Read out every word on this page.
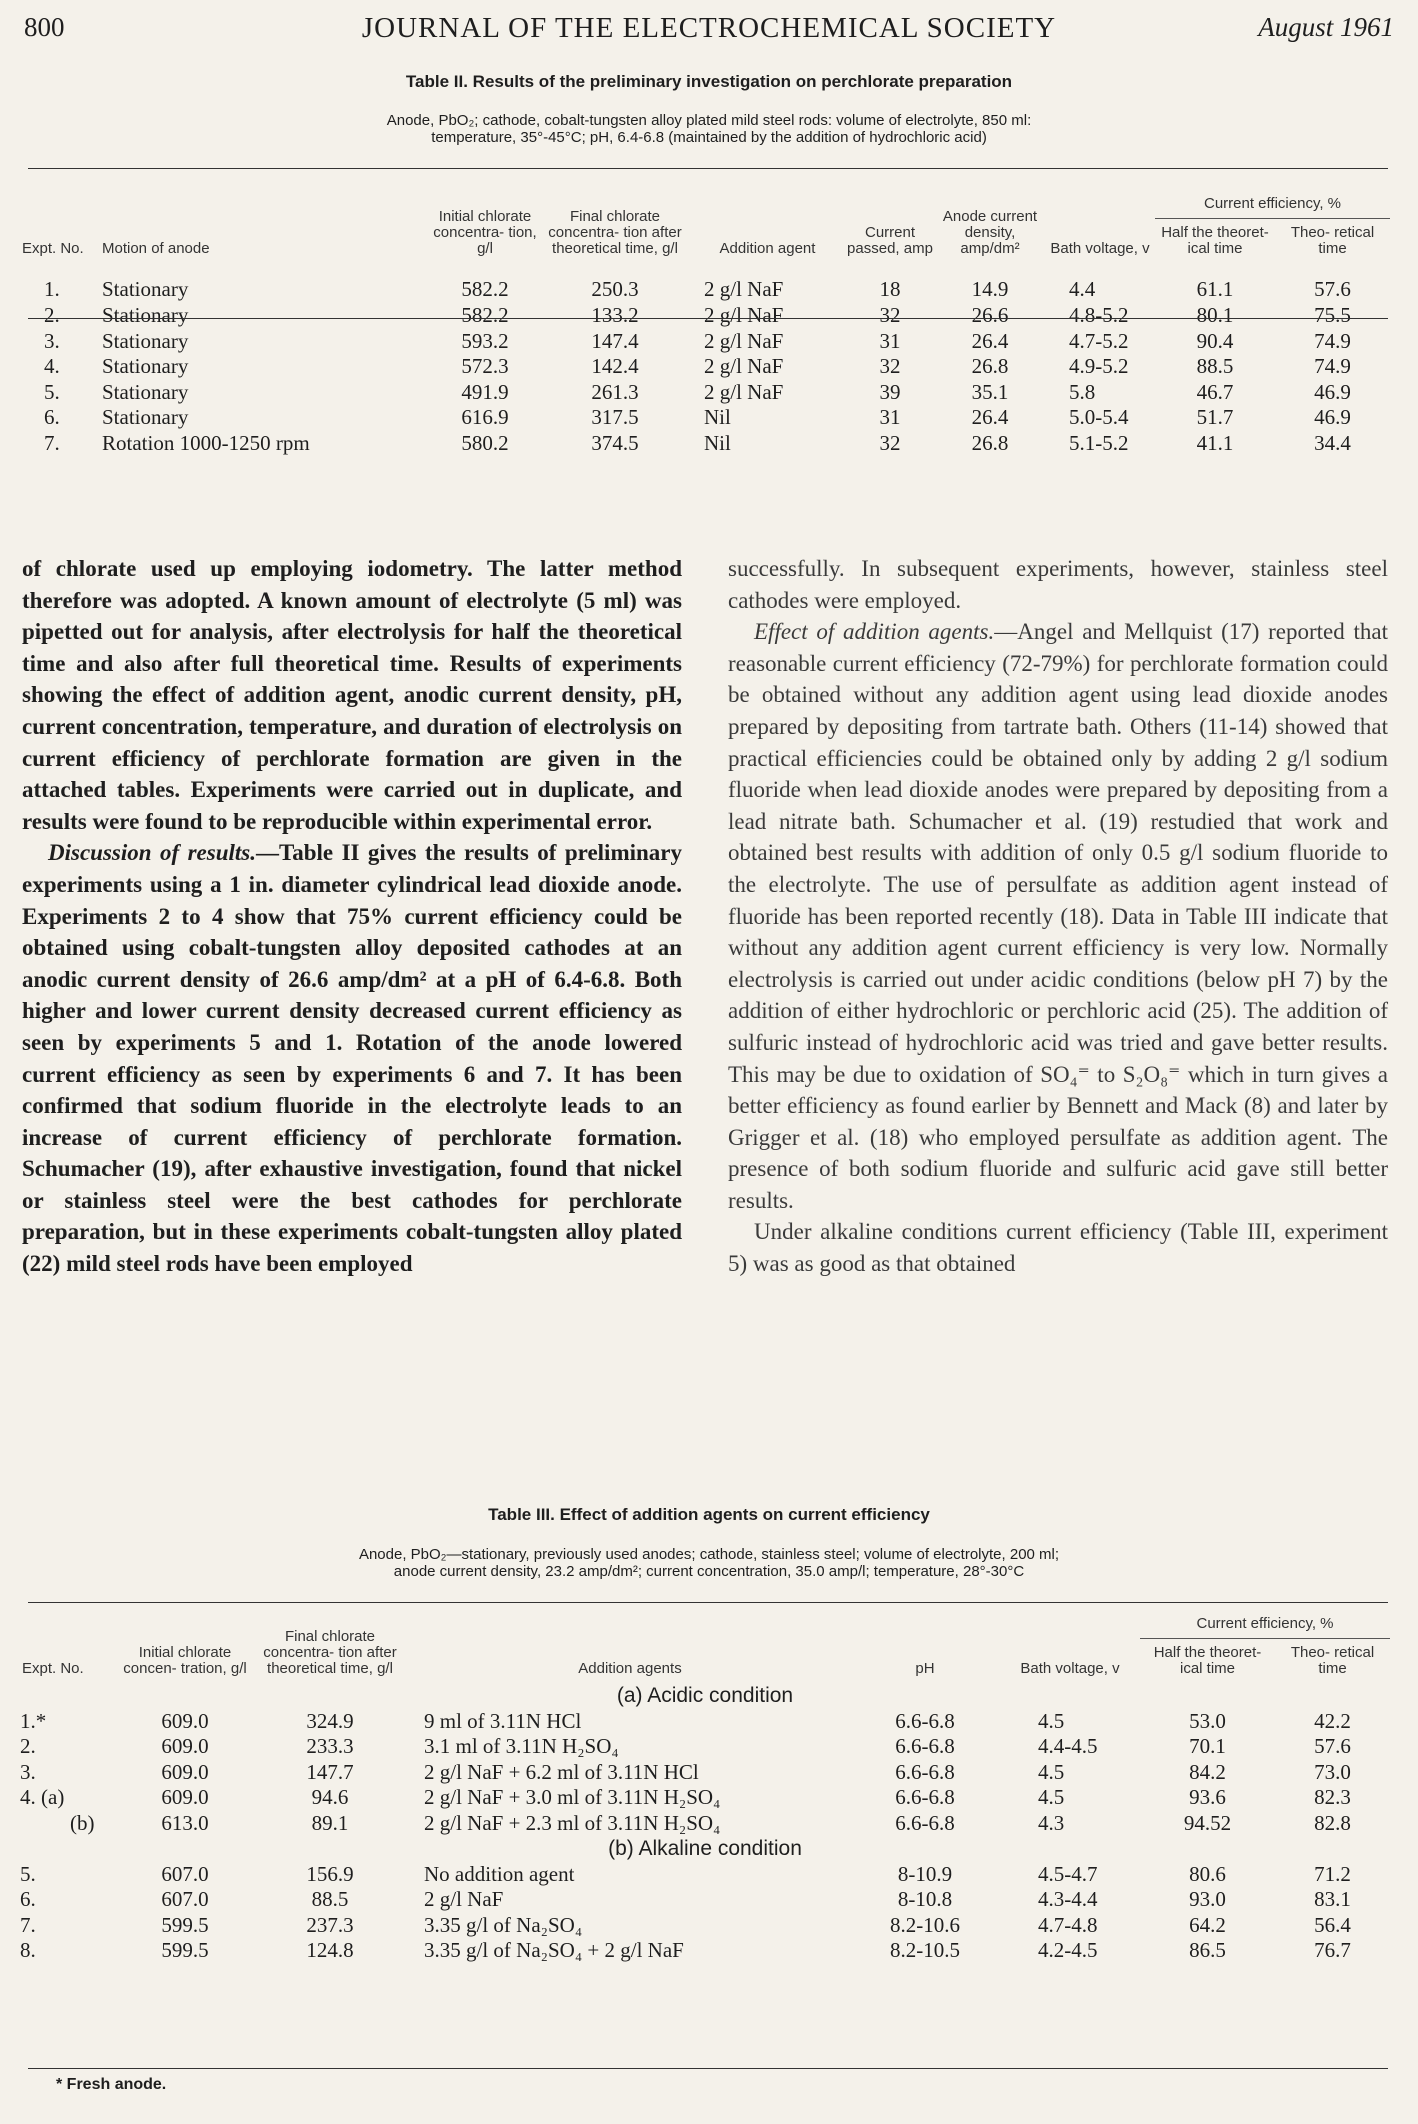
800	JOURNAL OF THE ELECTROCHEMICAL SOCIETY	August 1961
Table II. Results of the preliminary investigation on perchlorate preparation
Anode, PbO₂; cathode, cobalt-tungsten alloy plated mild steel rods: volume of electrolyte, 850 ml:
temperature, 35°-45°C; pH, 6.4-6.8 (maintained by the addition of hydrochloric acid)
Expt. No.	Motion of anode	Initial chlorate concentra- tion, g/l	Final chlorate concentra- tion after theoretical time, g/l	Addition agent	Current passed, amp	Anode current density, amp/dm²	Bath voltage, v	Current efficiency, %	
								Half the theoret- ical time	Theo- retical time
1.	Stationary	582.2	250.3	2 g/l NaF	18	14.9	4.4	61.1	57.6
2.	Stationary	582.2	133.2	2 g/l NaF	32	26.6	4.8-5.2	80.1	75.5
3.	Stationary	593.2	147.4	2 g/l NaF	31	26.4	4.7-5.2	90.4	74.9
4.	Stationary	572.3	142.4	2 g/l NaF	32	26.8	4.9-5.2	88.5	74.9
5.	Stationary	491.9	261.3	2 g/l NaF	39	35.1	5.8	46.7	46.9
6.	Stationary	616.9	317.5	Nil	31	26.4	5.0-5.4	51.7	46.9
7.	Rotation 1000-1250 rpm	580.2	374.5	Nil	32	26.8	5.1-5.2	41.1	34.4

of chlorate used up employing iodometry. The latter method therefore was adopted. A known amount of electrolyte (5 ml) was pipetted out for analysis, after electrolysis for half the theoretical time and also after full theoretical time. Results of experiments showing the effect of addition agent, anodic current density, pH, current concentration, temperature, and duration of electrolysis on current efficiency of perchlorate formation are given in the attached tables. Experiments were carried out in duplicate, and results were found to be reproducible within experimental error.

Discussion of results.—Table II gives the results of preliminary experiments using a 1 in. diameter cylindrical lead dioxide anode. Experiments 2 to 4 show that 75% current efficiency could be obtained using cobalt-tungsten alloy deposited cathodes at an anodic current density of 26.6 amp/dm² at a pH of 6.4-6.8. Both higher and lower current density decreased current efficiency as seen by experiments 5 and 1. Rotation of the anode lowered current efficiency as seen by experiments 6 and 7. It has been confirmed that sodium fluoride in the electrolyte leads to an increase of current efficiency of perchlorate formation. Schumacher (19), after exhaustive investigation, found that nickel or stainless steel were the best cathodes for perchlorate preparation, but in these experiments cobalt-tungsten alloy plated (22) mild steel rods have been employed

successfully. In subsequent experiments, however, stainless steel cathodes were employed.

Effect of addition agents.—Angel and Mellquist (17) reported that reasonable current efficiency (72-79%) for perchlorate formation could be obtained without any addition agent using lead dioxide anodes prepared by depositing from tartrate bath. Others (11-14) showed that practical efficiencies could be obtained only by adding 2 g/l sodium fluoride when lead dioxide anodes were prepared by depositing from a lead nitrate bath. Schumacher et al. (19) restudied that work and obtained best results with addition of only 0.5 g/l sodium fluoride to the electrolyte. The use of persulfate as addition agent instead of fluoride has been reported recently (18). Data in Table III indicate that without any addition agent current efficiency is very low. Normally electrolysis is carried out under acidic conditions (below pH 7) by the addition of either hydrochloric or perchloric acid (25). The addition of sulfuric instead of hydrochloric acid was tried and gave better results. This may be due to oxidation of SO₄⁼ to S₂O₈⁼ which in turn gives a better efficiency as found earlier by Bennett and Mack (8) and later by Grigger et al. (18) who employed persulfate as addition agent. The presence of both sodium fluoride and sulfuric acid gave still better results.

Under alkaline conditions current efficiency (Table III, experiment 5) was as good as that obtained

Table III. Effect of addition agents on current efficiency
Anode, PbO₂—stationary, previously used anodes; cathode, stainless steel; volume of electrolyte, 200 ml;
anode current density, 23.2 amp/dm²; current concentration, 35.0 amp/l; temperature, 28°-30°C
Expt. No.	Initial chlorate concen- tration, g/l	Final chlorate concentra- tion after theoretical time, g/l	Addition agents	pH	Bath voltage, v	Current efficiency, %	
						Half the theoret- ical time	Theo- retical time
(a) Acidic condition							
1.*	609.0	324.9	9 ml of 3.11N HCl	6.6-6.8	4.5	53.0	42.2
2.	609.0	233.3	3.1 ml of 3.11N H₂SO₄	6.6-6.8	4.4-4.5	70.1	57.6
3.	609.0	147.7	2 g/l NaF + 6.2 ml of 3.11N HCl	6.6-6.8	4.5	84.2	73.0
4. (a)	609.0	94.6	2 g/l NaF + 3.0 ml of 3.11N H₂SO₄	6.6-6.8	4.5	93.6	82.3
(b)	613.0	89.1	2 g/l NaF + 2.3 ml of 3.11N H₂SO₄	6.6-6.8	4.3	94.52	82.8
(b) Alkaline condition							
5.	607.0	156.9	No addition agent	8-10.9	4.5-4.7	80.6	71.2
6.	607.0	88.5	2 g/l NaF	8-10.8	4.3-4.4	93.0	83.1
7.	599.5	237.3	3.35 g/l of Na₂SO₄	8.2-10.6	4.7-4.8	64.2	56.4
8.	599.5	124.8	3.35 g/l of Na₂SO₄ + 2 g/l NaF	8.2-10.5	4.2-4.5	86.5	76.7
* Fresh anode.
